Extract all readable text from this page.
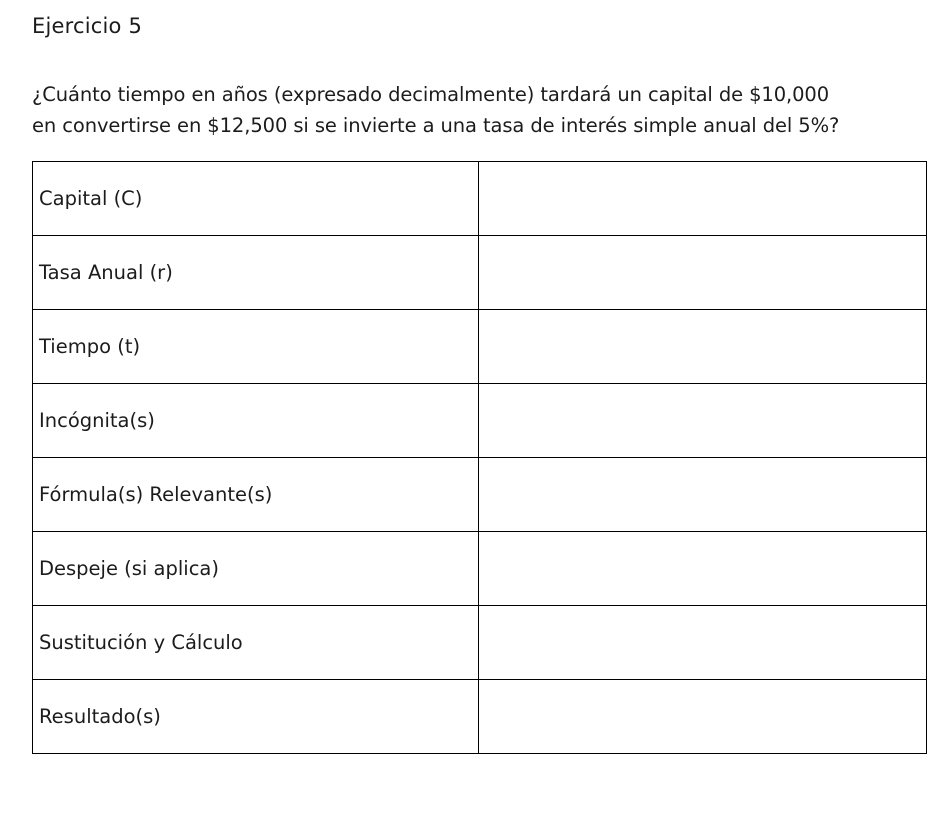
Ejercicio 5
¿Cuánto tiempo en años (expresado decimalmente) tardará un capital de $10,000
en convertirse en $12,500 si se invierte a una tasa de interés simple anual del 5%?
Capital (C)	
Tasa Anual (r)	
Tiempo (t)	
Incógnita(s)	
Fórmula(s) Relevante(s)	
Despeje (si aplica)	
Sustitución y Cálculo	
Resultado(s)	
